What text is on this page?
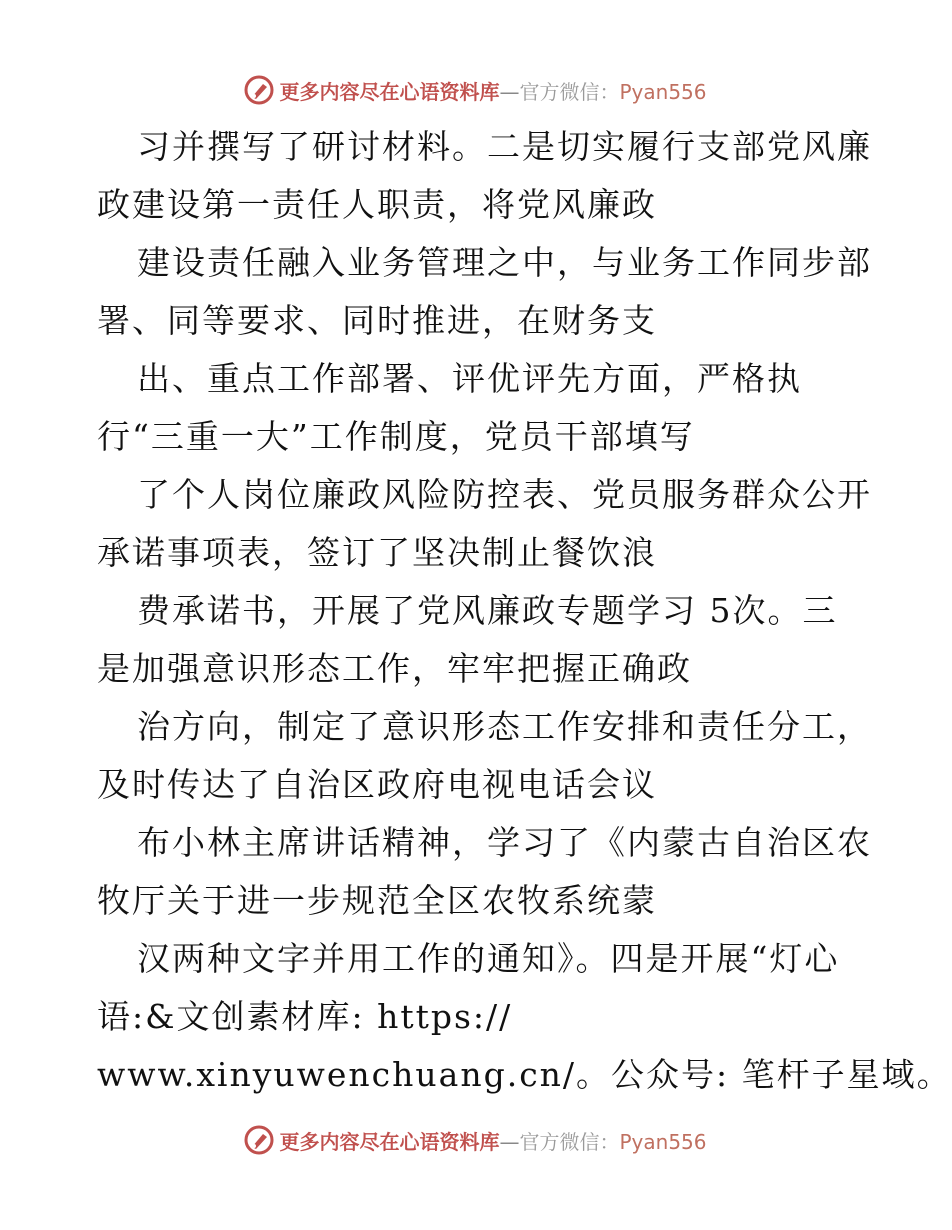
更多内容尽在心语资料库—官方微信：Pyan556
习并撰写了研讨材料。二是切实履行支部党风廉
政建设第一责任人职责，将党风廉政
建设责任融入业务管理之中，与业务工作同步部
署、同等要求、同时推进，在财务支
出、重点工作部署、评优评先方面，严格执
行“三重一大”工作制度，党员干部填写
了个人岗位廉政风险防控表、党员服务群众公开
承诺事项表，签订了坚决制止餐饮浪
费承诺书，开展了党风廉政专题学习 5次。三
是加强意识形态工作，牢牢把握正确政
治方向，制定了意识形态工作安排和责任分工，
及时传达了自治区政府电视电话会议
布小林主席讲话精神，学习了《内蒙古自治区农
牧厅关于进一步规范全区农牧系统蒙
汉两种文字并用工作的通知》。四是开展“灯心
语:&文创素材库: https://
www.xinyuwenchuang.cn/。公众号: 笔杆子星域。
更多内容尽在心语资料库—官方微信：Pyan556
